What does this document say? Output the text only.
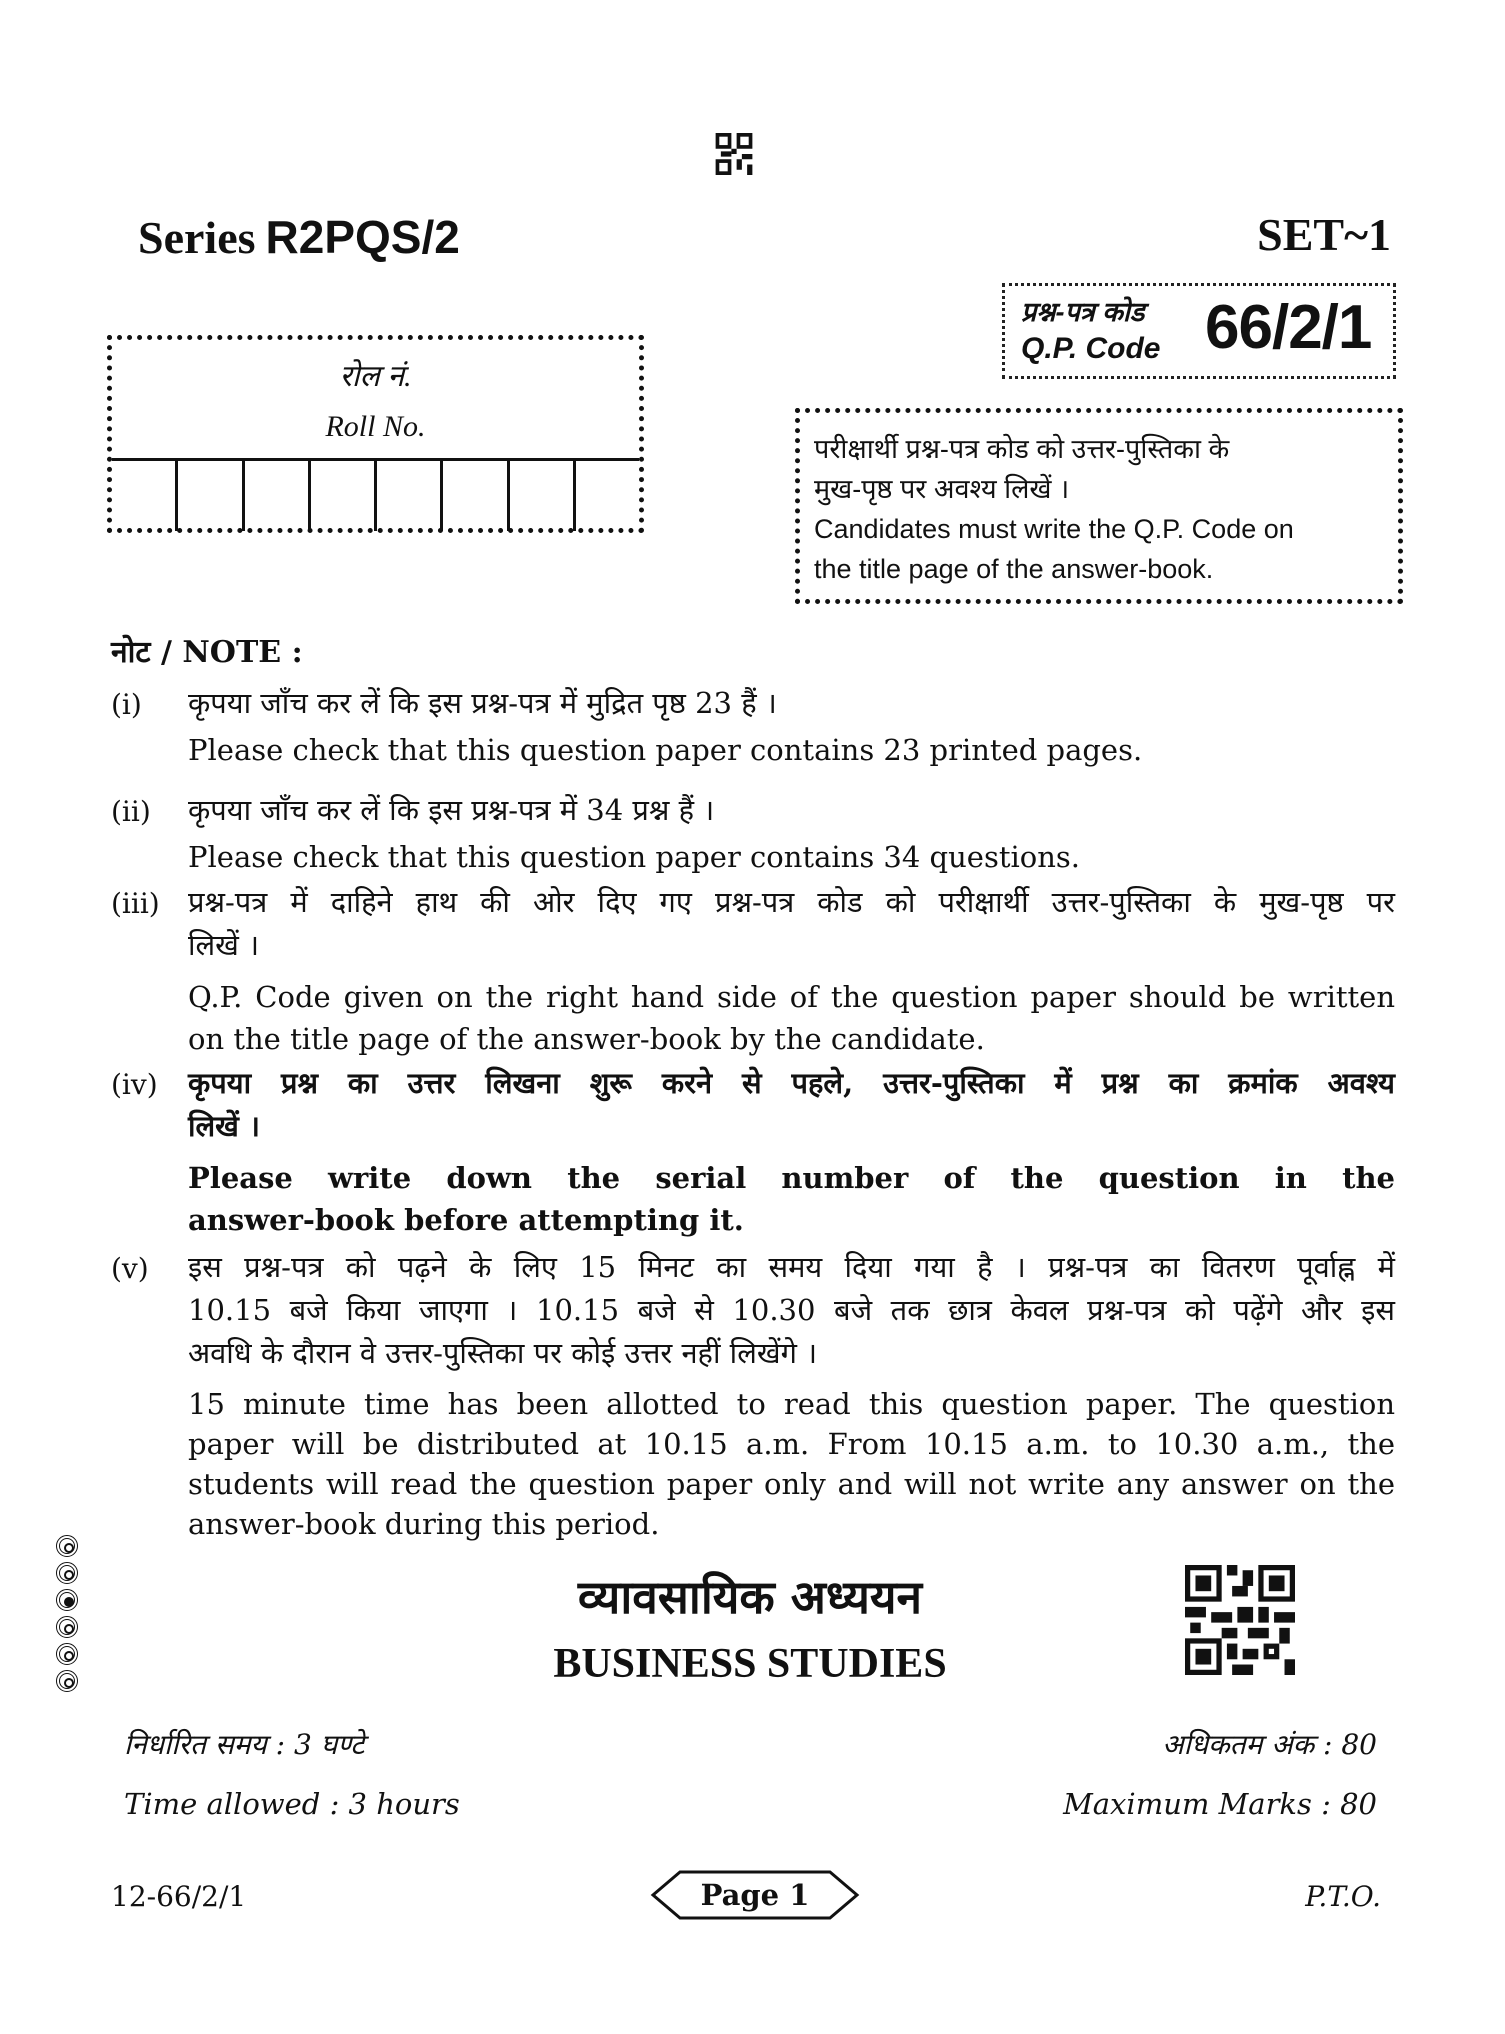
Series R2PQS/2	SET~1
प्रश्न-पत्र कोड
Q.P. Code 66/2/1
परीक्षार्थी प्रश्न-पत्र कोड को उत्तर-पुस्तिका के
मुख-पृष्ठ पर अवश्य लिखें ।
Candidates must write the Q.P. Code on
the title page of the answer-book.
रोल नं.
Roll No.
नोट / NOTE :
(i) कृपया जाँच कर लें कि इस प्रश्न-पत्र में मुद्रित पृष्ठ 23 हैं ।
Please check that this question paper contains 23 printed pages.
(ii) कृपया जाँच कर लें कि इस प्रश्न-पत्र में 34 प्रश्न हैं ।
Please check that this question paper contains 34 questions.
(iii) प्रश्न-पत्र में दाहिने हाथ की ओर दिए गए प्रश्न-पत्र कोड को परीक्षार्थी उत्तर-पुस्तिका के मुख-पृष्ठ पर
लिखें ।
Q.P. Code given on the right hand side of the question paper should be written
on the title page of the answer-book by the candidate.
(iv) कृपया प्रश्न का उत्तर लिखना शुरू करने से पहले, उत्तर-पुस्तिका में प्रश्न का क्रमांक अवश्य
लिखें ।
Please write down the serial number of the question in the
answer-book before attempting it.
(v) इस प्रश्न-पत्र को पढ़ने के लिए 15 मिनट का समय दिया गया है । प्रश्न-पत्र का वितरण पूर्वाह्न में
10.15 बजे किया जाएगा । 10.15 बजे से 10.30 बजे तक छात्र केवल प्रश्न-पत्र को पढ़ेंगे और इस
अवधि के दौरान वे उत्तर-पुस्तिका पर कोई उत्तर नहीं लिखेंगे ।
15 minute time has been allotted to read this question paper. The question
paper will be distributed at 10.15 a.m. From 10.15 a.m. to 10.30 a.m., the
students will read the question paper only and will not write any answer on the
answer-book during this period.
व्यावसायिक अध्ययन
BUSINESS STUDIES
निर्धारित समय : 3 घण्टे	अधिकतम अंक : 80
Time allowed : 3 hours	Maximum Marks : 80
12-66/2/1	Page 1	P.T.O.
